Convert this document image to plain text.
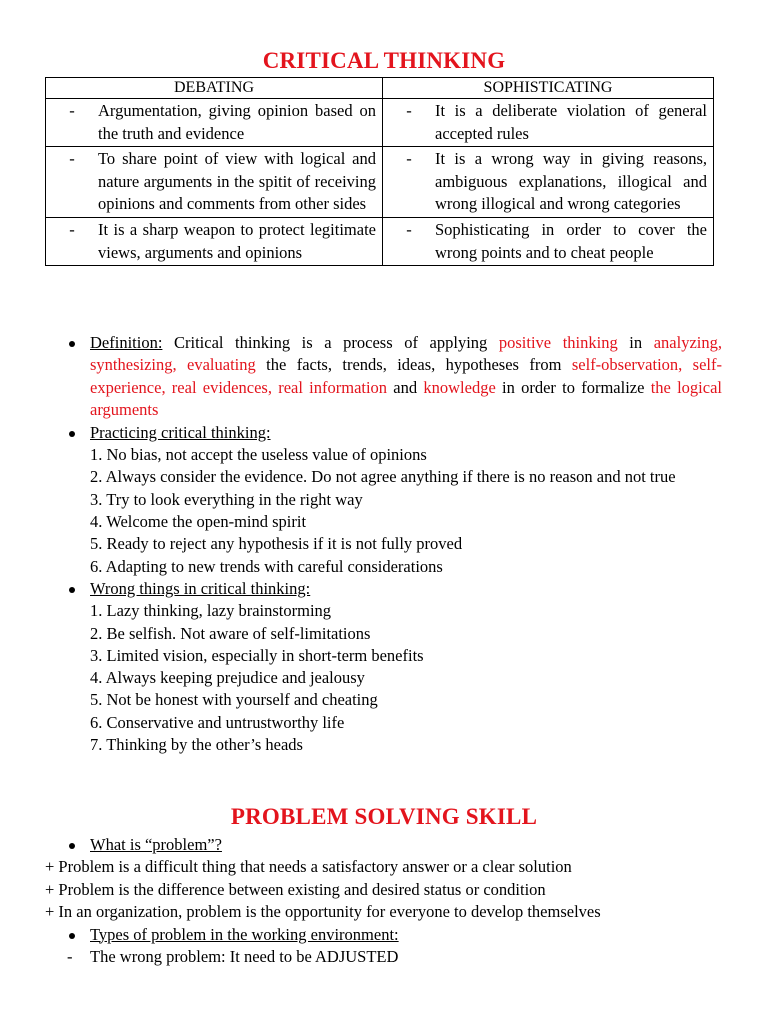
CRITICAL THINKING
DEBATING	SOPHISTICATING

- Argumentation, giving opinion based on the truth and evidence	- It is a deliberate violation of general accepted rules

- To share point of view with logical and nature arguments in the spitit of receiving opinions and comments from other sides	- It is a wrong way in giving reasons, ambiguous explanations, illogical and wrong illogical and wrong categories

- It is a sharp weapon to protect legitimate views, arguments and opinions	- Sophisticating in order to cover the wrong points and to cheat people
Definition: Critical thinking is a process of applying positive thinking in analyzing, synthesizing, evaluating the facts, trends, ideas, hypotheses from self-observation, self-experience, real evidences, real information and knowledge in order to formalize the logical arguments
Practicing critical thinking:
1. No bias, not accept the useless value of opinions
2. Always consider the evidence. Do not agree anything if there is no reason and not true
3. Try to look everything in the right way
4. Welcome the open-mind spirit
5. Ready to reject any hypothesis if it is not fully proved
6. Adapting to new trends with careful considerations
Wrong things in critical thinking:
1. Lazy thinking, lazy brainstorming
2. Be selfish. Not aware of self-limitations
3. Limited vision, especially in short-term benefits
4. Always keeping prejudice and jealousy
5. Not be honest with yourself and cheating
6. Conservative and untrustworthy life
7. Thinking by the other’s heads
PROBLEM SOLVING SKILL
What is “problem”?
+ Problem is a difficult thing that needs a satisfactory answer or a clear solution
+ Problem is the difference between existing and desired status or condition
+ In an organization, problem is the opportunity for everyone to develop themselves
Types of problem in the working environment:
- The wrong problem: It need to be ADJUSTED
